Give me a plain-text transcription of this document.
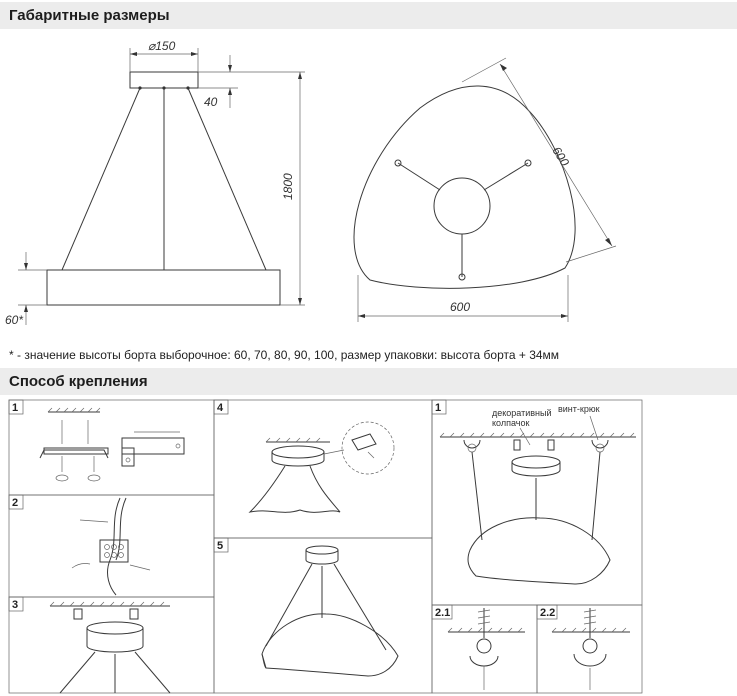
Габаритные размеры
Способ крепления
* - значение высоты борта выборочное: 60, 70, 80, 90, 100, размер упаковки: высота борта + 34мм
⌀150
40
1800
60*
600
600
1
2
3
4
5
1
2.1	2.2
декоративный
колпачок
винт-крюк
